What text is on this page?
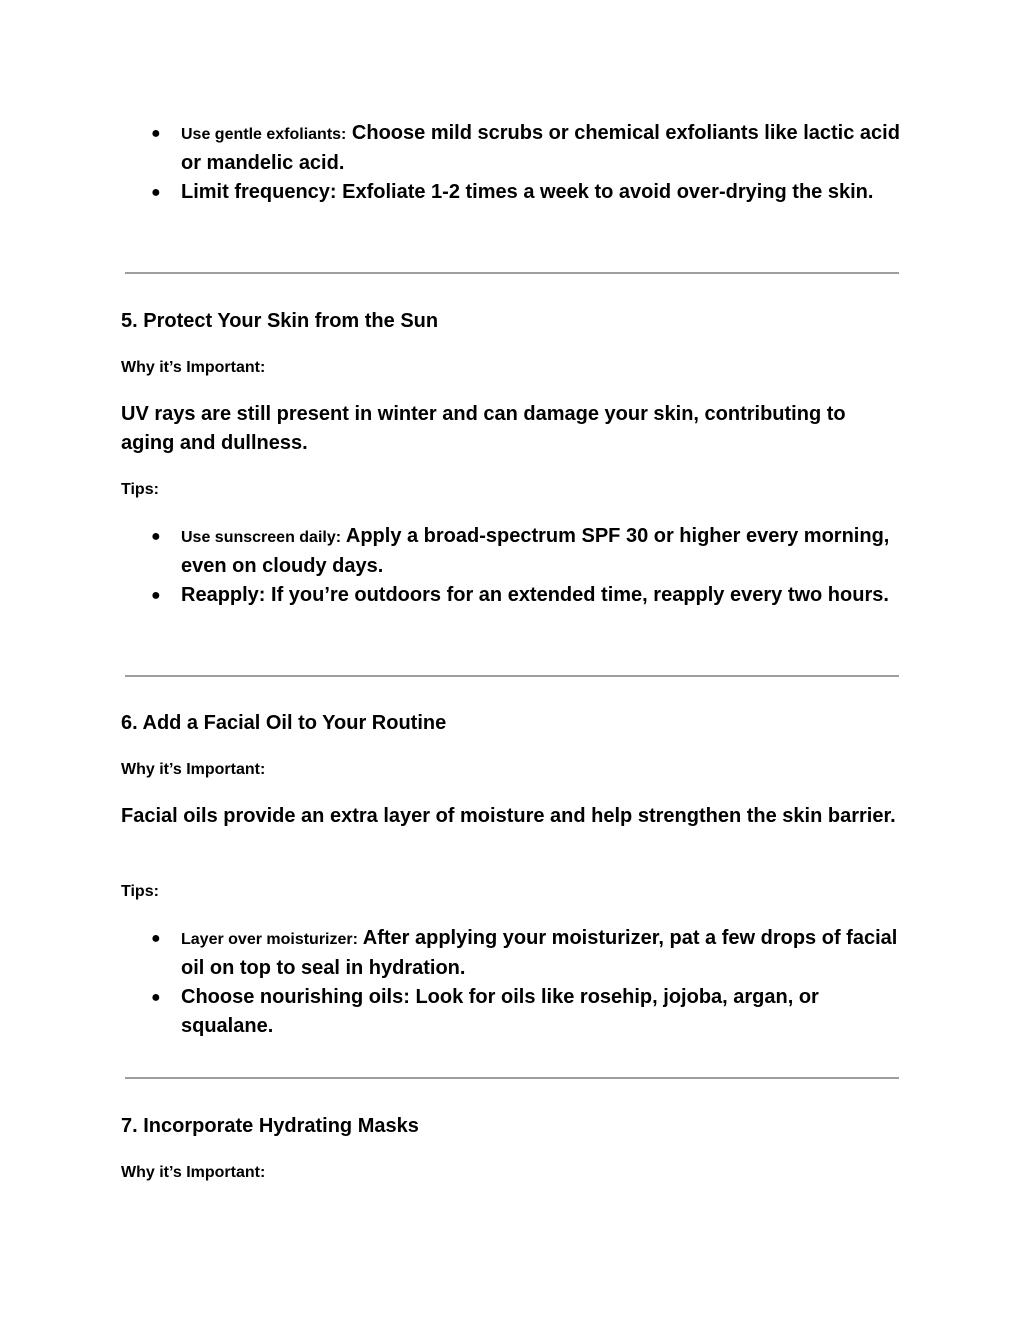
● Use gentle exfoliants: Choose mild scrubs or chemical exfoliants like lactic acid or mandelic acid.
● Limit frequency: Exfoliate 1-2 times a week to avoid over-drying the skin.
5. Protect Your Skin from the Sun

Why it’s Important:

UV rays are still present in winter and can damage your skin, contributing to aging and dullness.

Tips:

● Use sunscreen daily: Apply a broad-spectrum SPF 30 or higher every morning, even on cloudy days.
● Reapply: If you’re outdoors for an extended time, reapply every two hours.
6. Add a Facial Oil to Your Routine

Why it’s Important:

Facial oils provide an extra layer of moisture and help strengthen the skin barrier.

Tips:

● Layer over moisturizer: After applying your moisturizer, pat a few drops of facial oil on top to seal in hydration.
● Choose nourishing oils: Look for oils like rosehip, jojoba, argan, or squalane.
7. Incorporate Hydrating Masks

Why it’s Important:
